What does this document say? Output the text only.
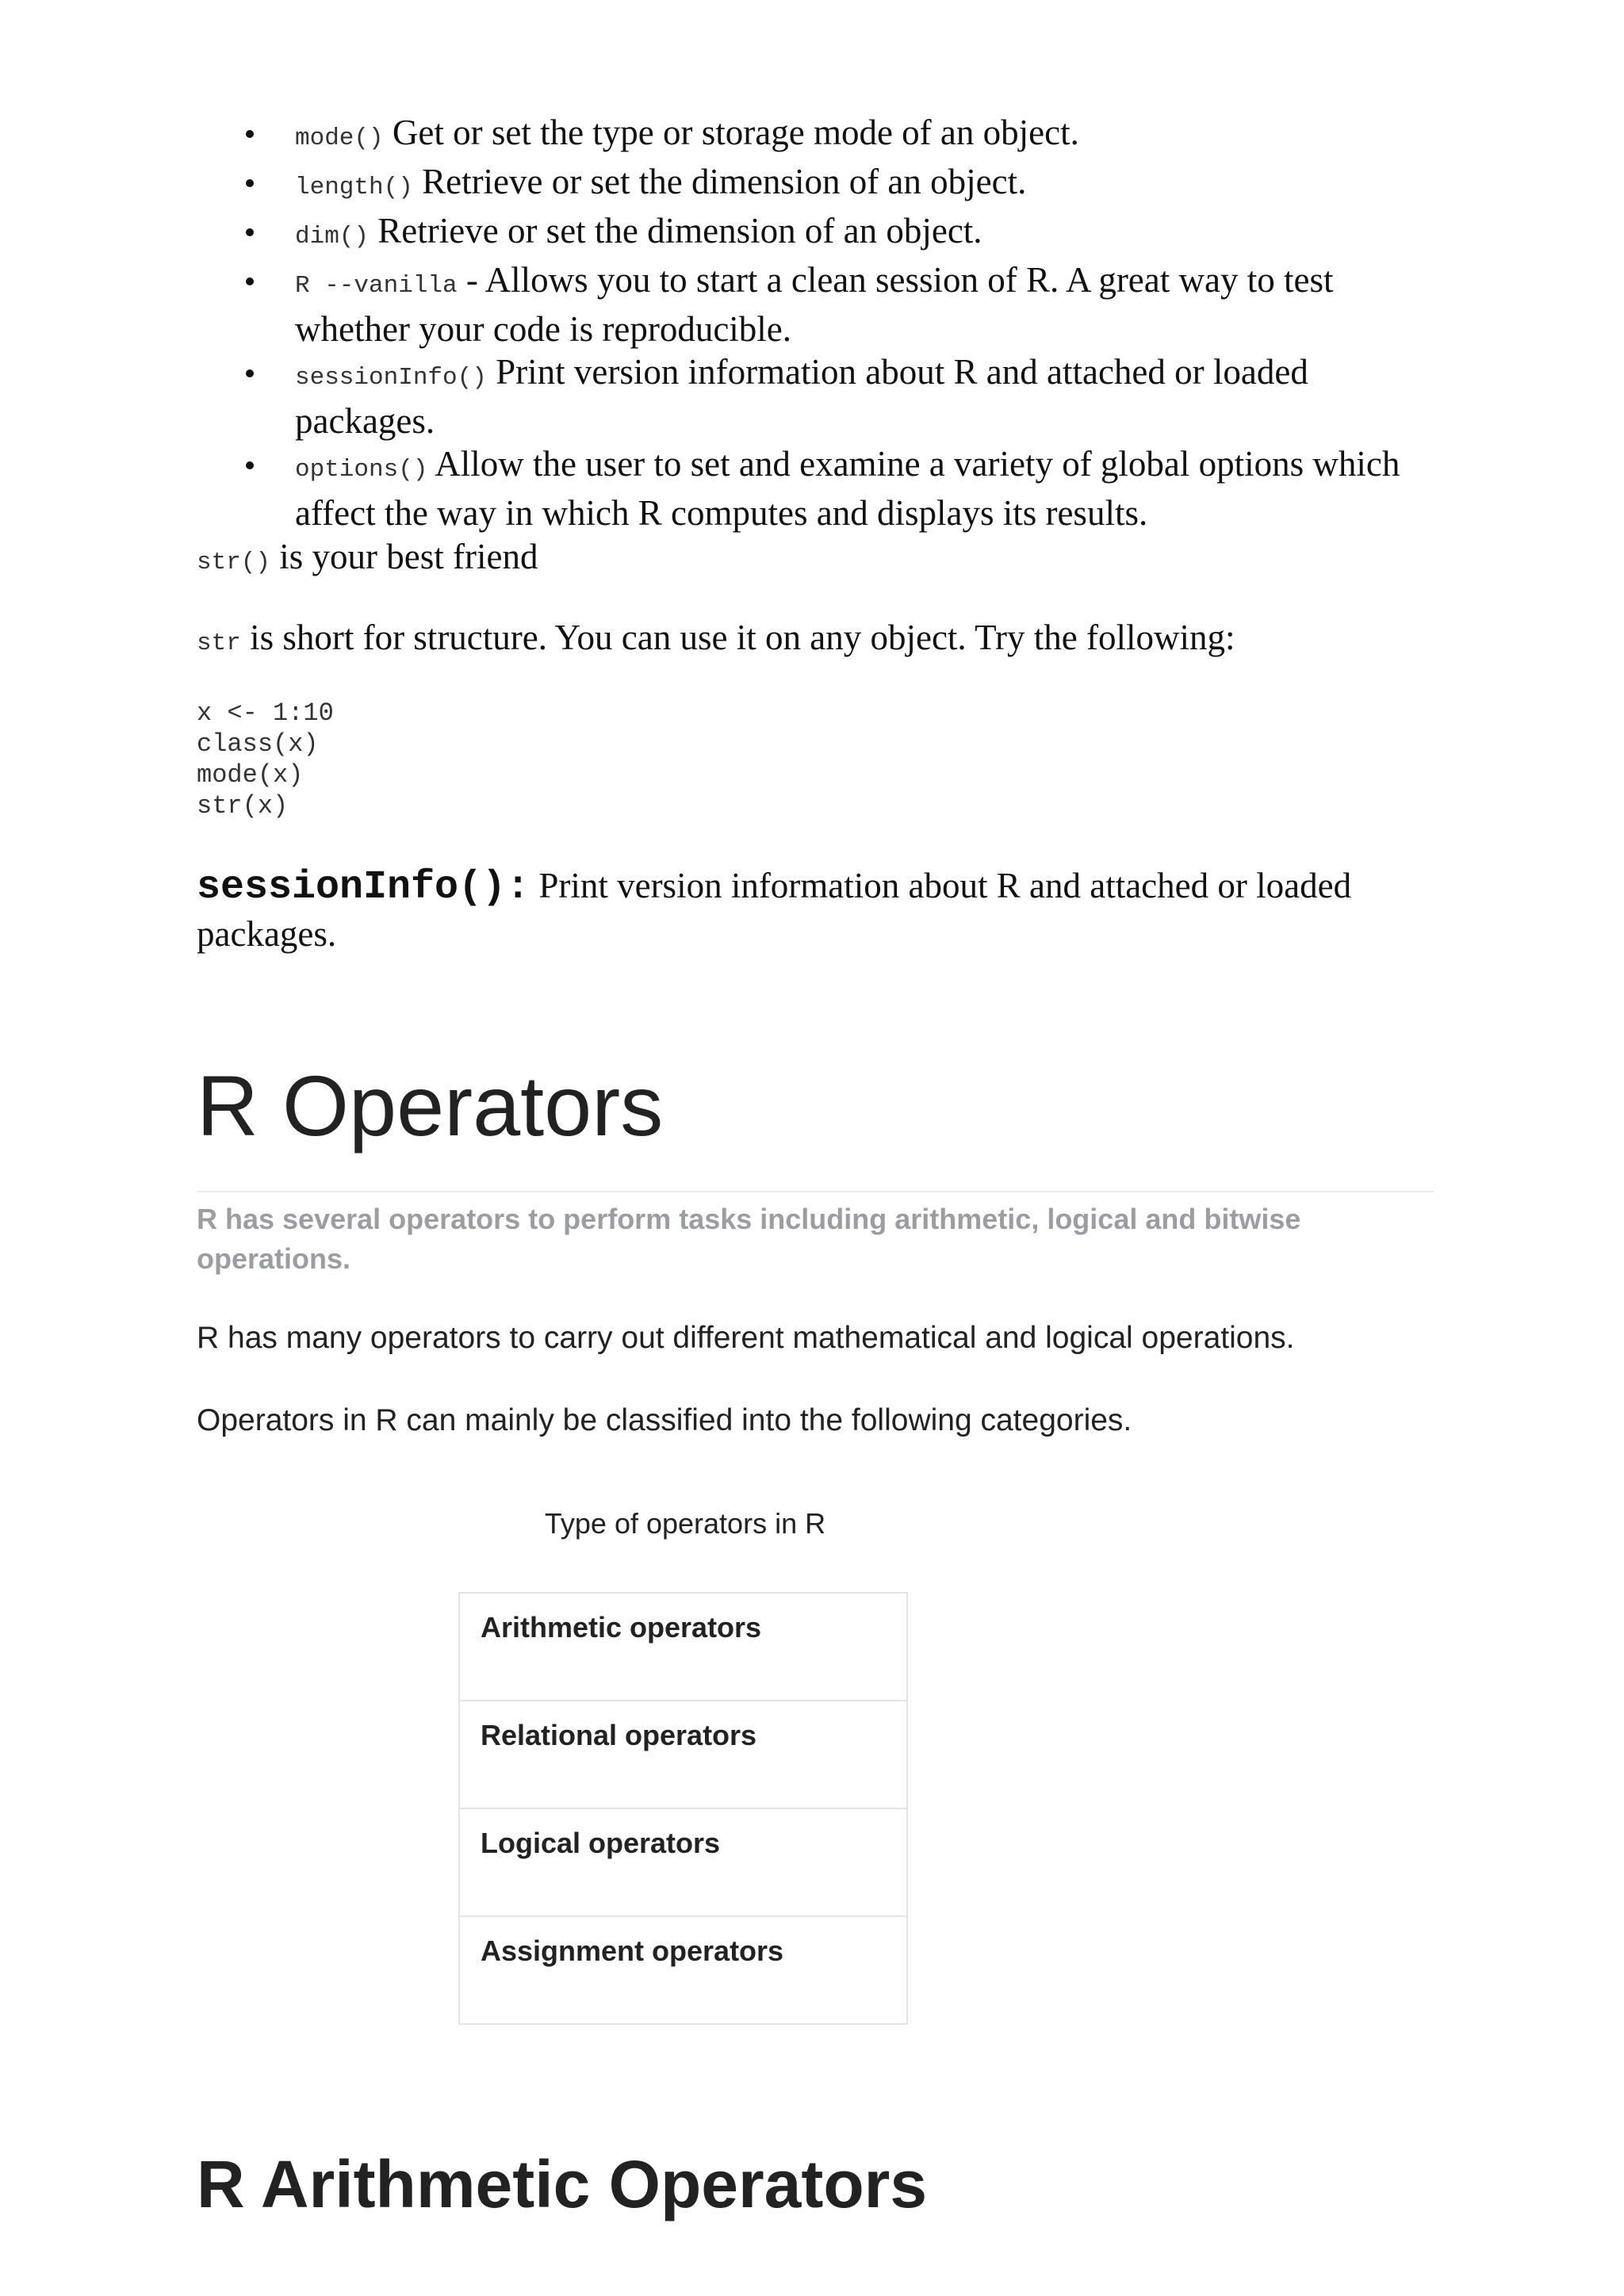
mode() Get or set the type or storage mode of an object.
length() Retrieve or set the dimension of an object.
dim() Retrieve or set the dimension of an object.
R --vanilla - Allows you to start a clean session of R. A great way to test whether your code is reproducible.
sessionInfo() Print version information about R and attached or loaded packages.
options() Allow the user to set and examine a variety of global options which affect the way in which R computes and displays its results.

str() is your best friend

str is short for structure. You can use it on any object. Try the following:

x <- 1:10
class(x)
mode(x)
str(x)

sessionInfo(): Print version information about R and attached or loaded packages.

R Operators

R has several operators to perform tasks including arithmetic, logical and bitwise operations.

R has many operators to carry out different mathematical and logical operations.

Operators in R can mainly be classified into the following categories.

Type of operators in R
Arithmetic operators

Relational operators

Logical operators

Assignment operators
R Arithmetic Operators
